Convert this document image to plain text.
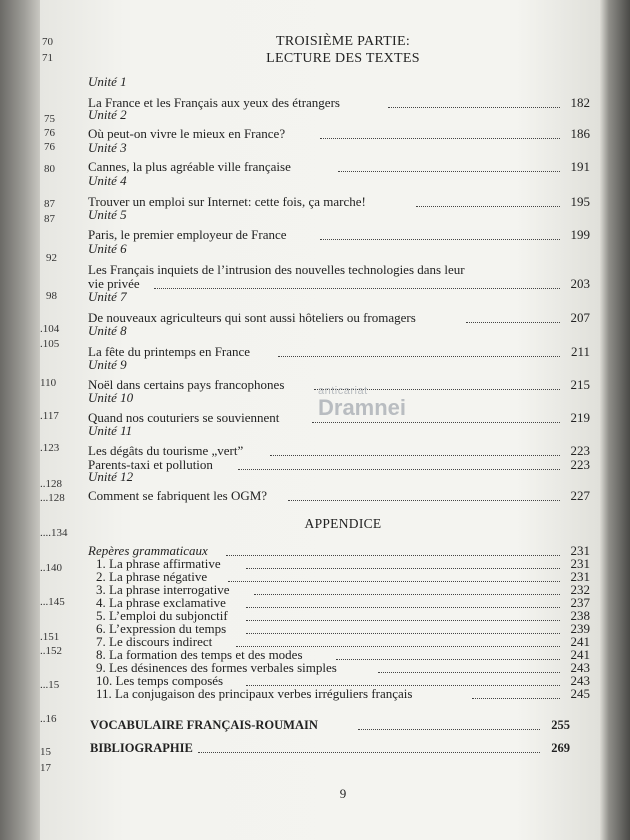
70
71
75
76
76
80
87
87
92
98
.104
.105
110
.117
.123
..128
...128
....134
..140
...145
.151
..152
...15
..16
15
17
TROISIÈME PARTIE:
LECTURE DES TEXTES
Unité 1
La France et les Français aux yeux des étrangers	182
Unité 2
Où peut-on vivre le mieux en France?	186
Unité 3
Cannes, la plus agréable ville française	191
Unité 4
Trouver un emploi sur Internet: cette fois, ça marche!	195
Unité 5
Paris, le premier employeur de France	199
Unité 6
Les Français inquiets de l’intrusion des nouvelles technologies dans leur
vie privée	203
Unité 7
De nouveaux agriculteurs qui sont aussi hôteliers ou fromagers	207
Unité 8
La fête du printemps en France	211
Unité 9
Noël dans certains pays francophones	215
Unité 10
Quand nos couturiers se souviennent	219
Unité 11
Les dégâts du tourisme „vert”	223
Parents-taxi et pollution	223
Unité 12
Comment se fabriquent les OGM?	227
APPENDICE
Repères grammaticaux	231
1. La phrase affirmative	231
2. La phrase négative	231
3. La phrase interrogative	232
4. La phrase exclamative	237
5. L’emploi du subjonctif	238
6. L’expression du temps	239
7. Le discours indirect	241
8. La formation des temps et des modes	241
9. Les désinences des formes verbales simples	243
10. Les temps composés	243
11. La conjugaison des principaux verbes irréguliers français	245
VOCABULAIRE FRANÇAIS-ROUMAIN	255
BIBLIOGRAPHIE	269
9
anticariat
Dramnei
